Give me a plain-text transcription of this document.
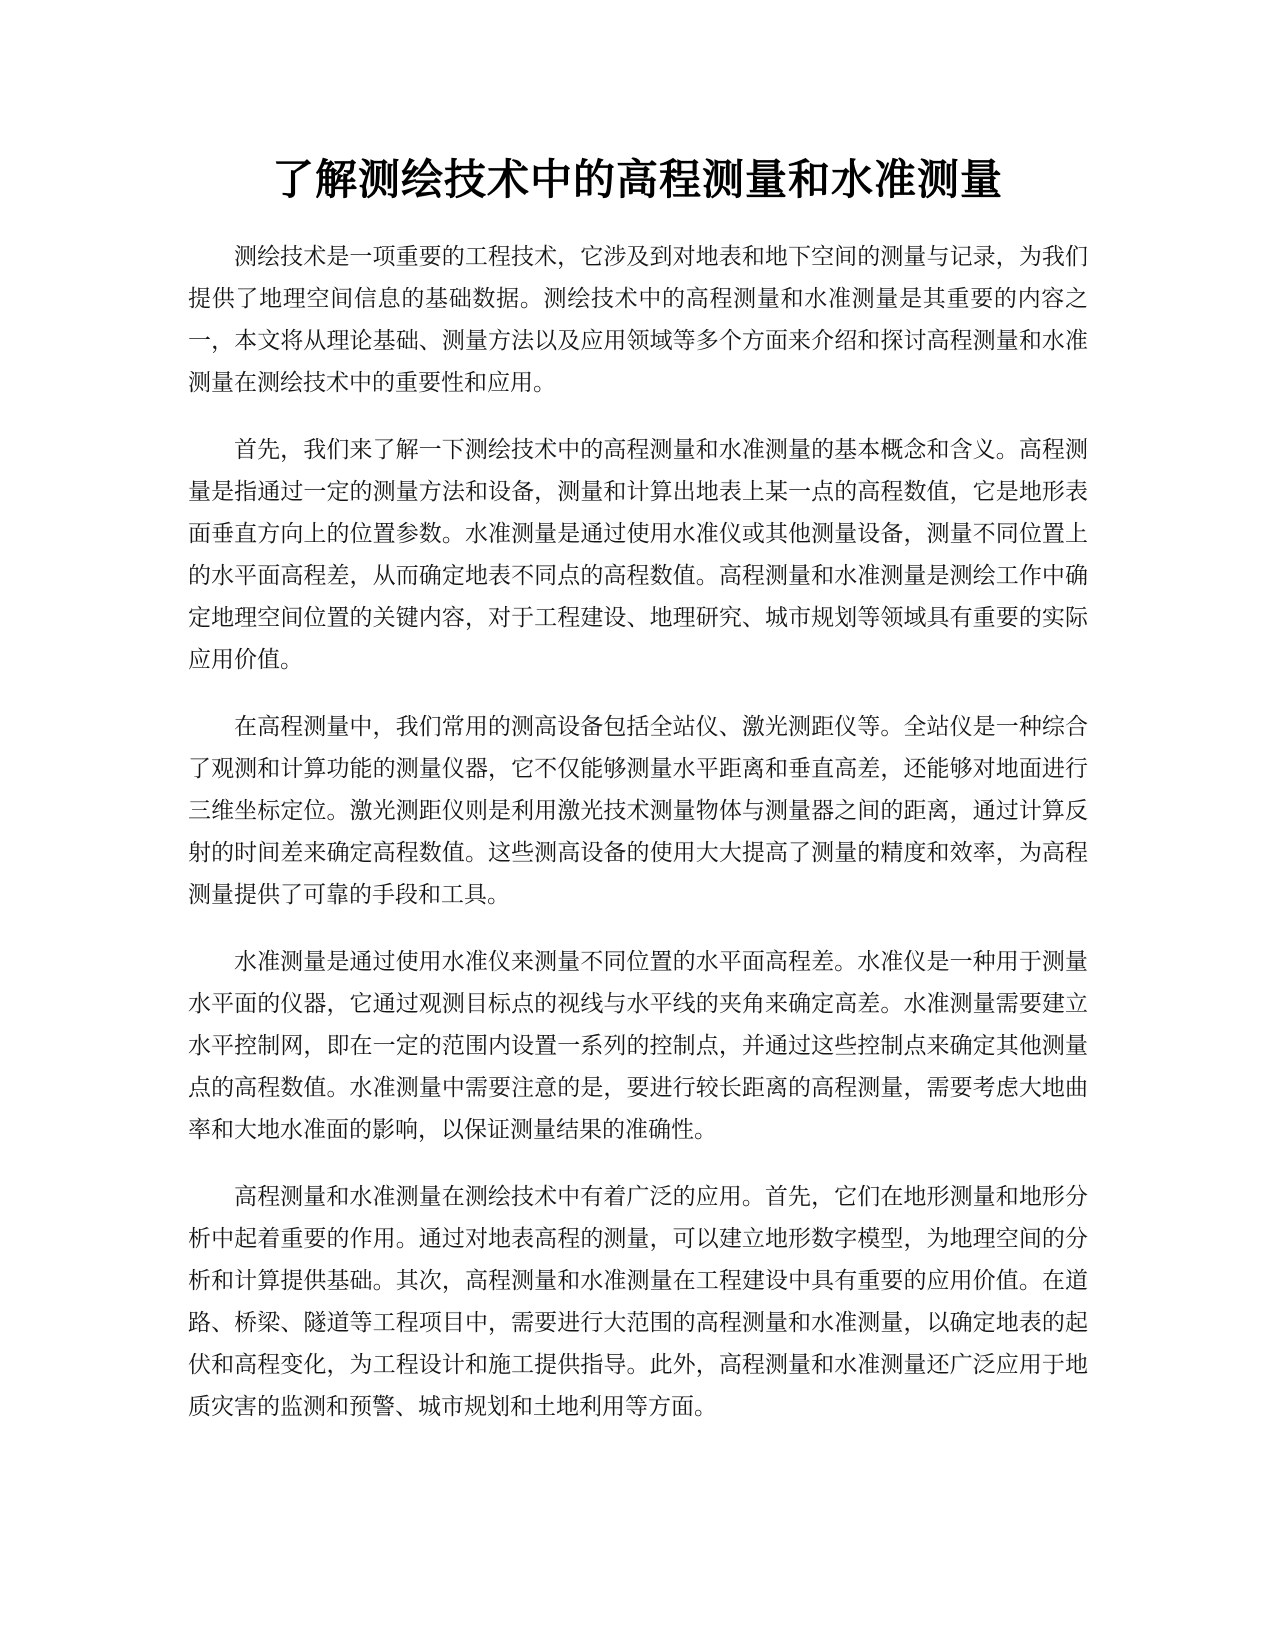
了解测绘技术中的高程测量和水准测量

测绘技术是一项重要的工程技术，它涉及到对地表和地下空间的测量与记录，为我们提供了地理空间信息的基础数据。测绘技术中的高程测量和水准测量是其重要的内容之一，本文将从理论基础、测量方法以及应用领域等多个方面来介绍和探讨高程测量和水准测量在测绘技术中的重要性和应用。

首先，我们来了解一下测绘技术中的高程测量和水准测量的基本概念和含义。高程测量是指通过一定的测量方法和设备，测量和计算出地表上某一点的高程数值，它是地形表面垂直方向上的位置参数。水准测量是通过使用水准仪或其他测量设备，测量不同位置上的水平面高程差，从而确定地表不同点的高程数值。高程测量和水准测量是测绘工作中确定地理空间位置的关键内容，对于工程建设、地理研究、城市规划等领域具有重要的实际应用价值。

在高程测量中，我们常用的测高设备包括全站仪、激光测距仪等。全站仪是一种综合了观测和计算功能的测量仪器，它不仅能够测量水平距离和垂直高差，还能够对地面进行三维坐标定位。激光测距仪则是利用激光技术测量物体与测量器之间的距离，通过计算反射的时间差来确定高程数值。这些测高设备的使用大大提高了测量的精度和效率，为高程测量提供了可靠的手段和工具。

水准测量是通过使用水准仪来测量不同位置的水平面高程差。水准仪是一种用于测量水平面的仪器，它通过观测目标点的视线与水平线的夹角来确定高差。水准测量需要建立水平控制网，即在一定的范围内设置一系列的控制点，并通过这些控制点来确定其他测量点的高程数值。水准测量中需要注意的是，要进行较长距离的高程测量，需要考虑大地曲率和大地水准面的影响，以保证测量结果的准确性。

高程测量和水准测量在测绘技术中有着广泛的应用。首先，它们在地形测量和地形分析中起着重要的作用。通过对地表高程的测量，可以建立地形数字模型，为地理空间的分析和计算提供基础。其次，高程测量和水准测量在工程建设中具有重要的应用价值。在道路、桥梁、隧道等工程项目中，需要进行大范围的高程测量和水准测量，以确定地表的起伏和高程变化，为工程设计和施工提供指导。此外，高程测量和水准测量还广泛应用于地质灾害的监测和预警、城市规划和土地利用等方面。
